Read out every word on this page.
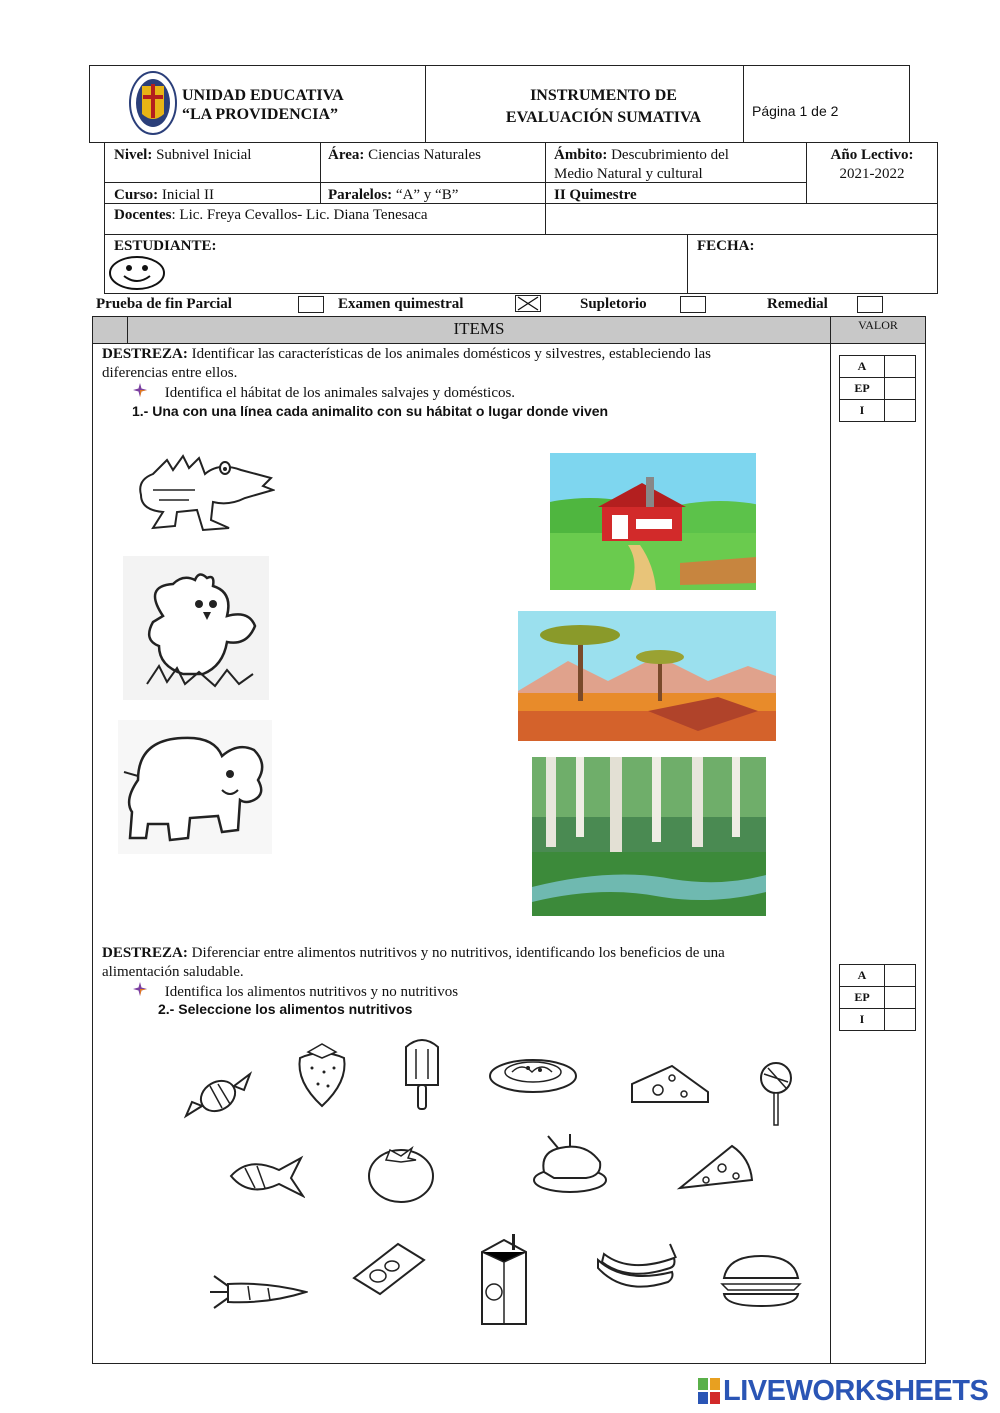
UNIDAD EDUCATIVA
“LA PROVIDENCIA”
INSTRUMENTO DE
EVALUACIÓN SUMATIVA	Página 1 de 2
Nivel: Subnivel Inicial	Área: Ciencias Naturales	Ámbito: Descubrimiento del
Medio Natural y cultural
Año Lectivo:
2021-2022
Curso: Inicial II	Paralelos: “A” y “B”	II Quimestre
Docentes: Lic. Freya Cevallos- Lic. Diana Tenesaca
ESTUDIANTE:	FECHA:
Prueba de fin Parcial	Examen quimestral	Supletorio	Remedial
ITEMS	VALOR
DESTREZA: Identificar las características de los animales domésticos y silvestres, estableciendo las
diferencias entre ellos.
Identifica el hábitat de los animales salvajes y domésticos.
1.- Una con una línea cada animalito con su hábitat o lugar donde viven
A	
EP	
I	
DESTREZA: Diferenciar entre alimentos nutritivos y no nutritivos, identificando los beneficios de una
alimentación saludable.
Identifica los alimentos nutritivos y no nutritivos
2.- Seleccione los alimentos nutritivos
A	
EP	
I	
LIVEWORKSHEETS
